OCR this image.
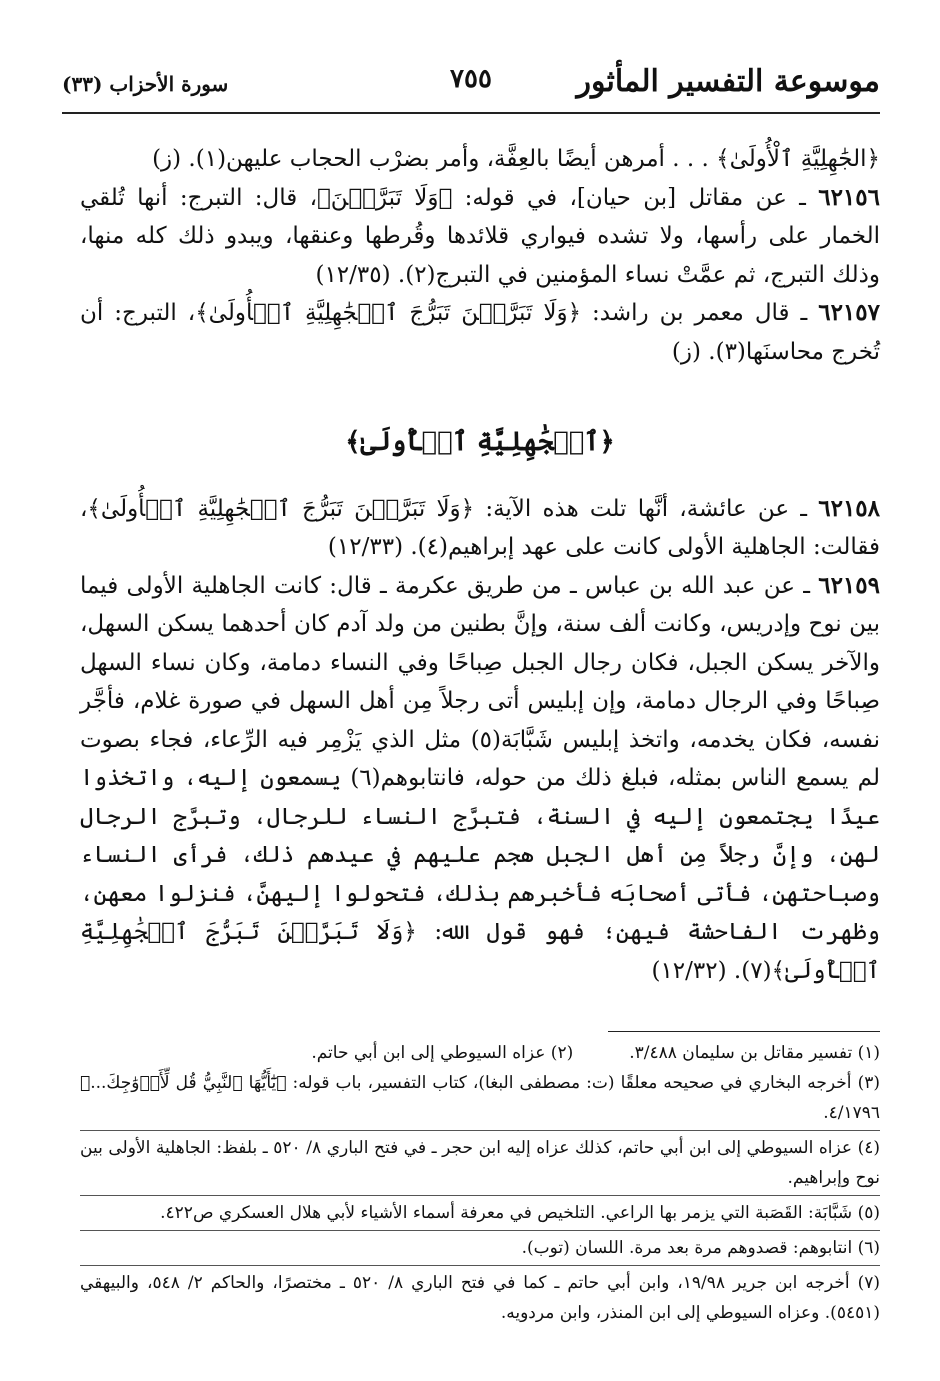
موسوعة التفسير المأثور
٧٥٥
سورة الأحزاب (٣٣)

﴿الجَٰهِلِيَّةِ ٱلْأُولَىٰ﴾ . . . أمرهن أيضًا بالعِفَّة، وأمر بضرْب الحجاب عليهن(١). (ز)

٦٢١٥٦ ـ عن مقاتل [بن حيان]، في قوله: ﴿وَلَا تَبَرَّجۡنَ﴾، قال: التبرج: أنها تُلقي الخمار على رأسها، ولا تشده فيواري قلائدها وقُرطها وعنقها، ويبدو ذلك كله منها، وذلك التبرج، ثم عمَّتْ نساء المؤمنين في التبرج(٢). (١٢/٣٥)

٦٢١٥٧ ـ قال معمر بن راشد: ﴿وَلَا تَبَرَّجۡنَ تَبَرُّجَ ٱلۡجَٰهِلِيَّةِ ٱلۡأُولَىٰ﴾، التبرج: أن تُخرج محاسنَها(٣). (ز)

﴿ٱلۡجَٰهِلِيَّةِ ٱلۡأُولَىٰ﴾

٦٢١٥٨ ـ عن عائشة، أنَّها تلت هذه الآية: ﴿وَلَا تَبَرَّجۡنَ تَبَرُّجَ ٱلۡجَٰهِلِيَّةِ ٱلۡأُولَىٰ﴾، فقالت: الجاهلية الأولى كانت على عهد إبراهيم(٤). (١٢/٣٣)

٦٢١٥٩ ـ عن عبد الله بن عباس ـ من طريق عكرمة ـ قال: كانت الجاهلية الأولى فيما بين نوح وإدريس، وكانت ألف سنة، وإنَّ بطنين من ولد آدم كان أحدهما يسكن السهل، والآخر يسكن الجبل، فكان رجال الجبل صِباحًا وفي النساء دمامة، وكان نساء السهل صِباحًا وفي الرجال دمامة، وإن إبليس أتى رجلاً مِن أهل السهل في صورة غلام، فأجَّر نفسه، فكان يخدمه، واتخذ إبليس شَبَّابَة(٥) مثل الذي يَزْمِر فيه الرِّعاء، فجاء بصوت لم يسمع الناس بمثله، فبلغ ذلك من حوله، فانتابوهم(٦) يسمعون إليه، واتخذوا عيدًا يجتمعون إليه في السنة، فتبرَّج النساء للرجال، وتبرَّج الرجال لهن، وإنَّ رجلاً مِن أهل الجبل هجم عليهم في عيدهم ذلك، فرأى النساء وصباحتهن، فأتى أصحابَه فأخبرهم بذلك، فتحولوا إليهنَّ، فنزلوا معهن، وظهرت الفاحشة فيهن؛ فهو قول الله: ﴿وَلَا تَبَرَّجۡنَ تَبَرُّجَ ٱلۡجَٰهِلِيَّةِ ٱلۡأُولَىٰ﴾(٧). (١٢/٣٢)

(١) تفسير مقاتل بن سليمان ٣/٤٨٨.

(٢) عزاه السيوطي إلى ابن أبي حاتم.

(٣) أخرجه البخاري في صحيحه معلقًا (ت: مصطفى البغا)، كتاب التفسير، باب قوله: ﴿يَٰٓأَيُّهَا ٱلنَّبِيُّ قُل لِّأَزۡوَٰجِكَ...﴾ ٤/١٧٩٦.

(٤) عزاه السيوطي إلى ابن أبي حاتم، كذلك عزاه إليه ابن حجر ـ في فتح الباري ٨/ ٥٢٠ ـ بلفظ: الجاهلية الأولى بين نوح وإبراهيم.

(٥) شَبَّابَة: القَصَبة التي يزمر بها الراعي. التلخيص في معرفة أسماء الأشياء لأبي هلال العسكري ص٤٢٢.

(٦) انتابوهم: قصدوهم مرة بعد مرة. اللسان (توب).

(٧) أخرجه ابن جرير ١٩/٩٨، وابن أبي حاتم ـ كما في فتح الباري ٨/ ٥٢٠ ـ مختصرًا، والحاكم ٢/ ٥٤٨، والبيهقي (٥٤٥١). وعزاه السيوطي إلى ابن المنذر، وابن مردويه.
